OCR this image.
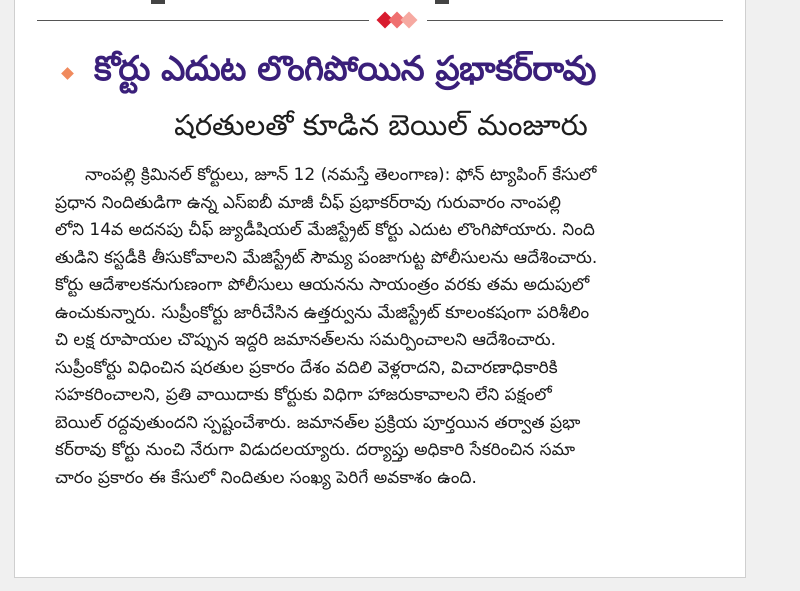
కోర్టు ఎదుట లొంగిపోయిన ప్రభాకర్‌రావు
షరతులతో కూడిన బెయిల్ మంజూరు
నాంపల్లి క్రిమినల్ కోర్టులు, జూన్ 12 (నమస్తే తెలంగాణ): ఫోన్ ట్యాపింగ్ కేసులో
ప్రధాన నిందితుడిగా ఉన్న ఎస్ఐబీ మాజీ చీఫ్ ప్రభాకర్‌రావు గురువారం నాంపల్లి
లోని 14వ అదనపు చీఫ్ జ్యుడీషియల్ మేజిస్ట్రేట్ కోర్టు ఎదుట లొంగిపోయారు. నింది
తుడిని కస్టడీకి తీసుకోవాలని మేజిస్ట్రేట్ సౌమ్య పంజాగుట్ట పోలీసులను ఆదేశించారు.
కోర్టు ఆదేశాలకనుగుణంగా పోలీసులు ఆయనను సాయంత్రం వరకు తమ అదుపులో
ఉంచుకున్నారు. సుప్రీంకోర్టు జారీచేసిన ఉత్తర్వును మేజిస్ట్రేట్ కూలంకషంగా పరిశీలిం
చి లక్ష రూపాయల చొప్పున ఇద్దరి జమానత్‌లను సమర్పించాలని ఆదేశించారు.
సుప్రీంకోర్టు విధించిన షరతుల ప్రకారం దేశం వదిలి వెళ్లరాదని, విచారణాధికారికి
సహకరించాలని, ప్రతి వాయిదాకు కోర్టుకు విధిగా హాజరుకావాలని లేని పక్షంలో
బెయిల్ రద్దవుతుందని స్పష్టంచేశారు. జమానత్‌ల ప్రక్రియ పూర్తయిన తర్వాత ప్రభా
కర్‌రావు కోర్టు నుంచి నేరుగా విడుదలయ్యారు. దర్యాప్తు అధికారి సేకరించిన సమా
చారం ప్రకారం ఈ కేసులో నిందితుల సంఖ్య పెరిగే అవకాశం ఉంది.
